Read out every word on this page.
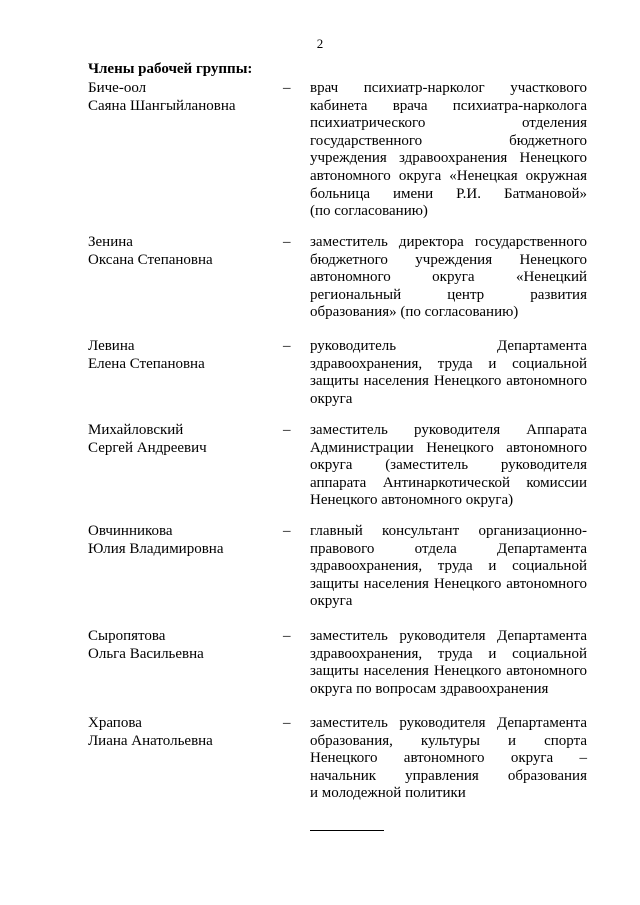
2
Члены рабочей группы:
Биче-оол
Саяна Шангыйлановна
– врач психиатр-нарколог участкового
кабинета врача психиатра-нарколога
психиатрического	отделения
государственного	бюджетного
учреждения здравоохранения Ненецкого
автономного округа «Ненецкая окружная
больница имени Р.И. Батмановой»
(по согласованию)
Зенина
Оксана Степановна
– заместитель директора государственного
бюджетного учреждения Ненецкого
автономного	округа	«Ненецкий
региональный	центр	развития
образования» (по согласованию)
Левина
Елена Степановна
– руководитель	Департамента
здравоохранения, труда и социальной
защиты населения Ненецкого автономного
округа
Михайловский
Сергей Андреевич
– заместитель руководителя Аппарата
Администрации Ненецкого автономного
округа (заместитель руководителя
аппарата Антинаркотической комиссии
Ненецкого автономного округа)
Овчинникова
Юлия Владимировна
– главный консультант организационно-
правового	отдела	Департамента
здравоохранения, труда и социальной
защиты населения Ненецкого автономного
округа
Сыропятова
Ольга Васильевна
– заместитель руководителя Департамента
здравоохранения, труда и социальной
защиты населения Ненецкого автономного
округа по вопросам здравоохранения
Храпова
Лиана Анатольевна
– заместитель руководителя Департамента
образования, культуры и спорта
Ненецкого автономного округа –
начальник управления образования
и молодежной политики
